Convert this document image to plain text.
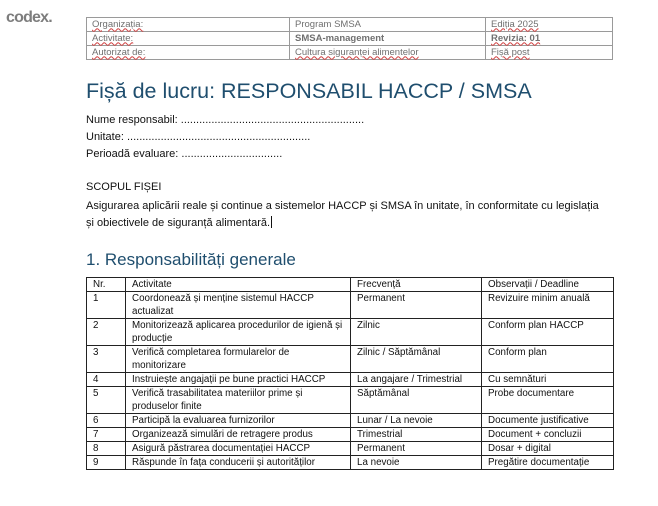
codex.	Organizația:	Program SMSA	Ediția 2025
Activitate:	SMSA-management	Revizia: 01
Autorizat de:	Cultura siguranței alimentelor	Fișă post
Fișă de lucru: RESPONSABIL HACCP / SMSA
Nume responsabil: ............................................................
Unitate: ............................................................
Perioadă evaluare: .................................
SCOPUL FIȘEI
Asigurarea aplicării reale și continue a sistemelor HACCP și SMSA în unitate, în conformitate cu legislația și obiectivele de siguranță alimentară.
1. Responsabilități generale
Nr.	Activitate	Frecvență	Observații / Deadline
1	Coordonează și menține sistemul HACCP actualizat	Permanent	Revizuire minim anuală
2	Monitorizează aplicarea procedurilor de igienă și producție	Zilnic	Conform plan HACCP
3	Verifică completarea formularelor de monitorizare	Zilnic / Săptămânal	Conform plan
4	Instruiește angajații pe bune practici HACCP	La angajare / Trimestrial	Cu semnături
5	Verifică trasabilitatea materiilor prime și produselor finite	Săptămânal	Probe documentare
6	Participă la evaluarea furnizorilor	Lunar / La nevoie	Documente justificative
7	Organizează simulări de retragere produs	Trimestrial	Document + concluzii
8	Asigură păstrarea documentației HACCP	Permanent	Dosar + digital
9	Răspunde în fața conducerii și autorităților	La nevoie	Pregătire documentație
